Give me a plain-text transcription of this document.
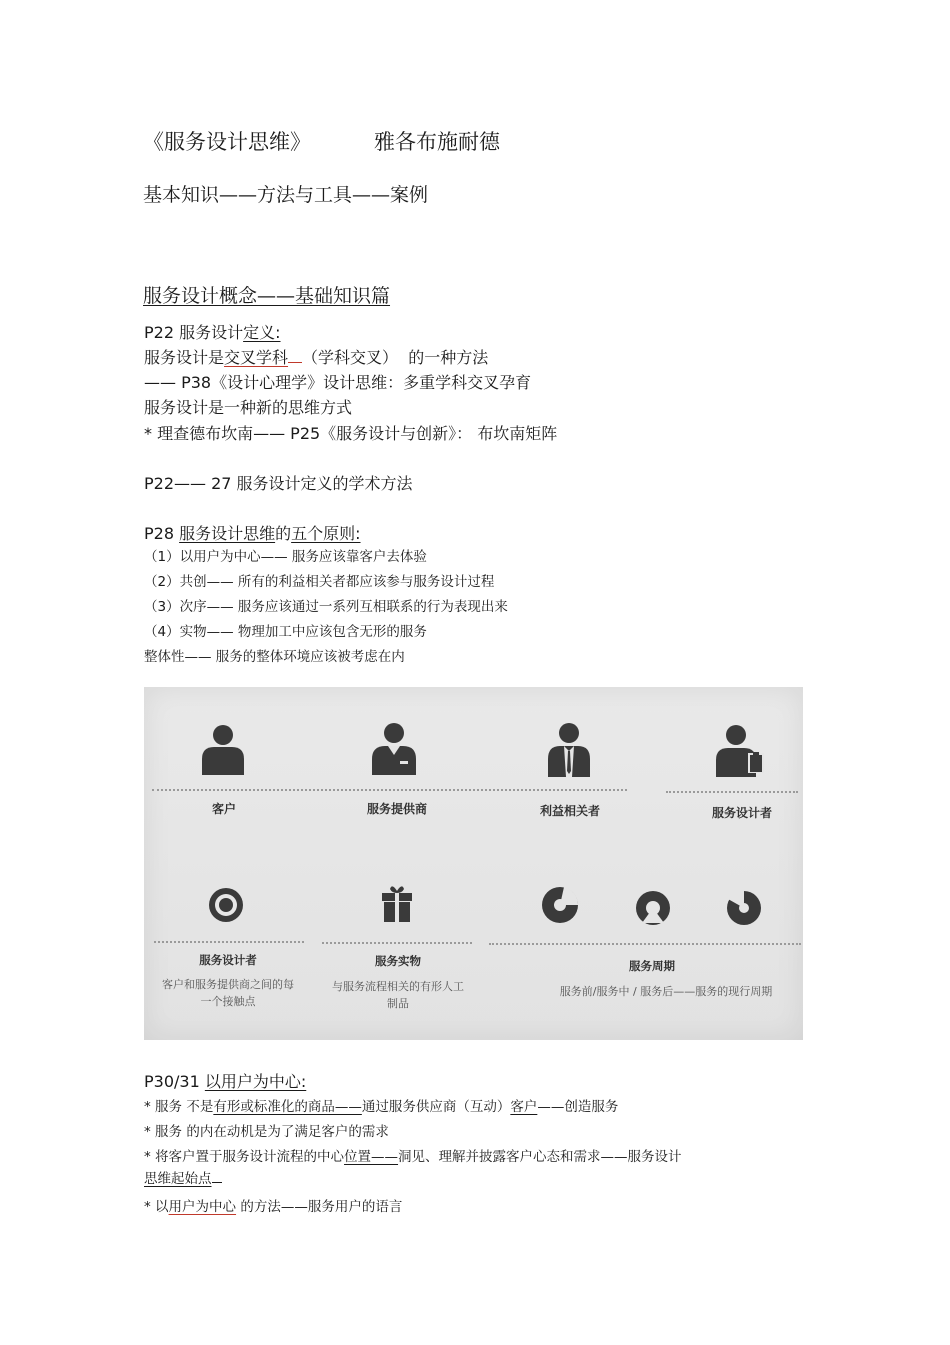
《服务设计思维》	雅各布施耐德
基本知识——方法与工具——案例
服务设计概念——基础知识篇
P22 服务设计定义:
服务设计是交叉学科 （学科交叉） 的一种方法
—— P38《设计心理学》设计思维：多重学科交叉孕育
服务设计是一种新的思维方式
* 理查德布坎南—— P25《服务设计与创新》： 布坎南矩阵
P22—— 27 服务设计定义的学术方法
P28 服务设计思维的五个原则:
（1）以用户为中心—— 服务应该靠客户去体验
（2）共创—— 所有的利益相关者都应该参与服务设计过程
（3）次序—— 服务应该通过一系列互相联系的行为表现出来
（4）实物—— 物理加工中应该包含无形的服务
整体性—— 服务的整体环境应该被考虑在内
客户	服务提供商	利益相关者	服务设计者
服务设计者
客户和服务提供商之间的每
一个接触点
服务实物
与服务流程相关的有形人工
制品
服务周期
服务前/服务中 / 服务后——服务的现行周期
P30/31 以用户为中心:
* 服务 不是有形或标准化的商品——通过服务供应商（互动）客户——创造服务
* 服务 的内在动机是为了满足客户的需求
* 将客户置于服务设计流程的中心位置——洞见、理解并披露客户心态和需求——服务设计
思维起始点
* 以用户为中心 的方法——服务用户的语言
